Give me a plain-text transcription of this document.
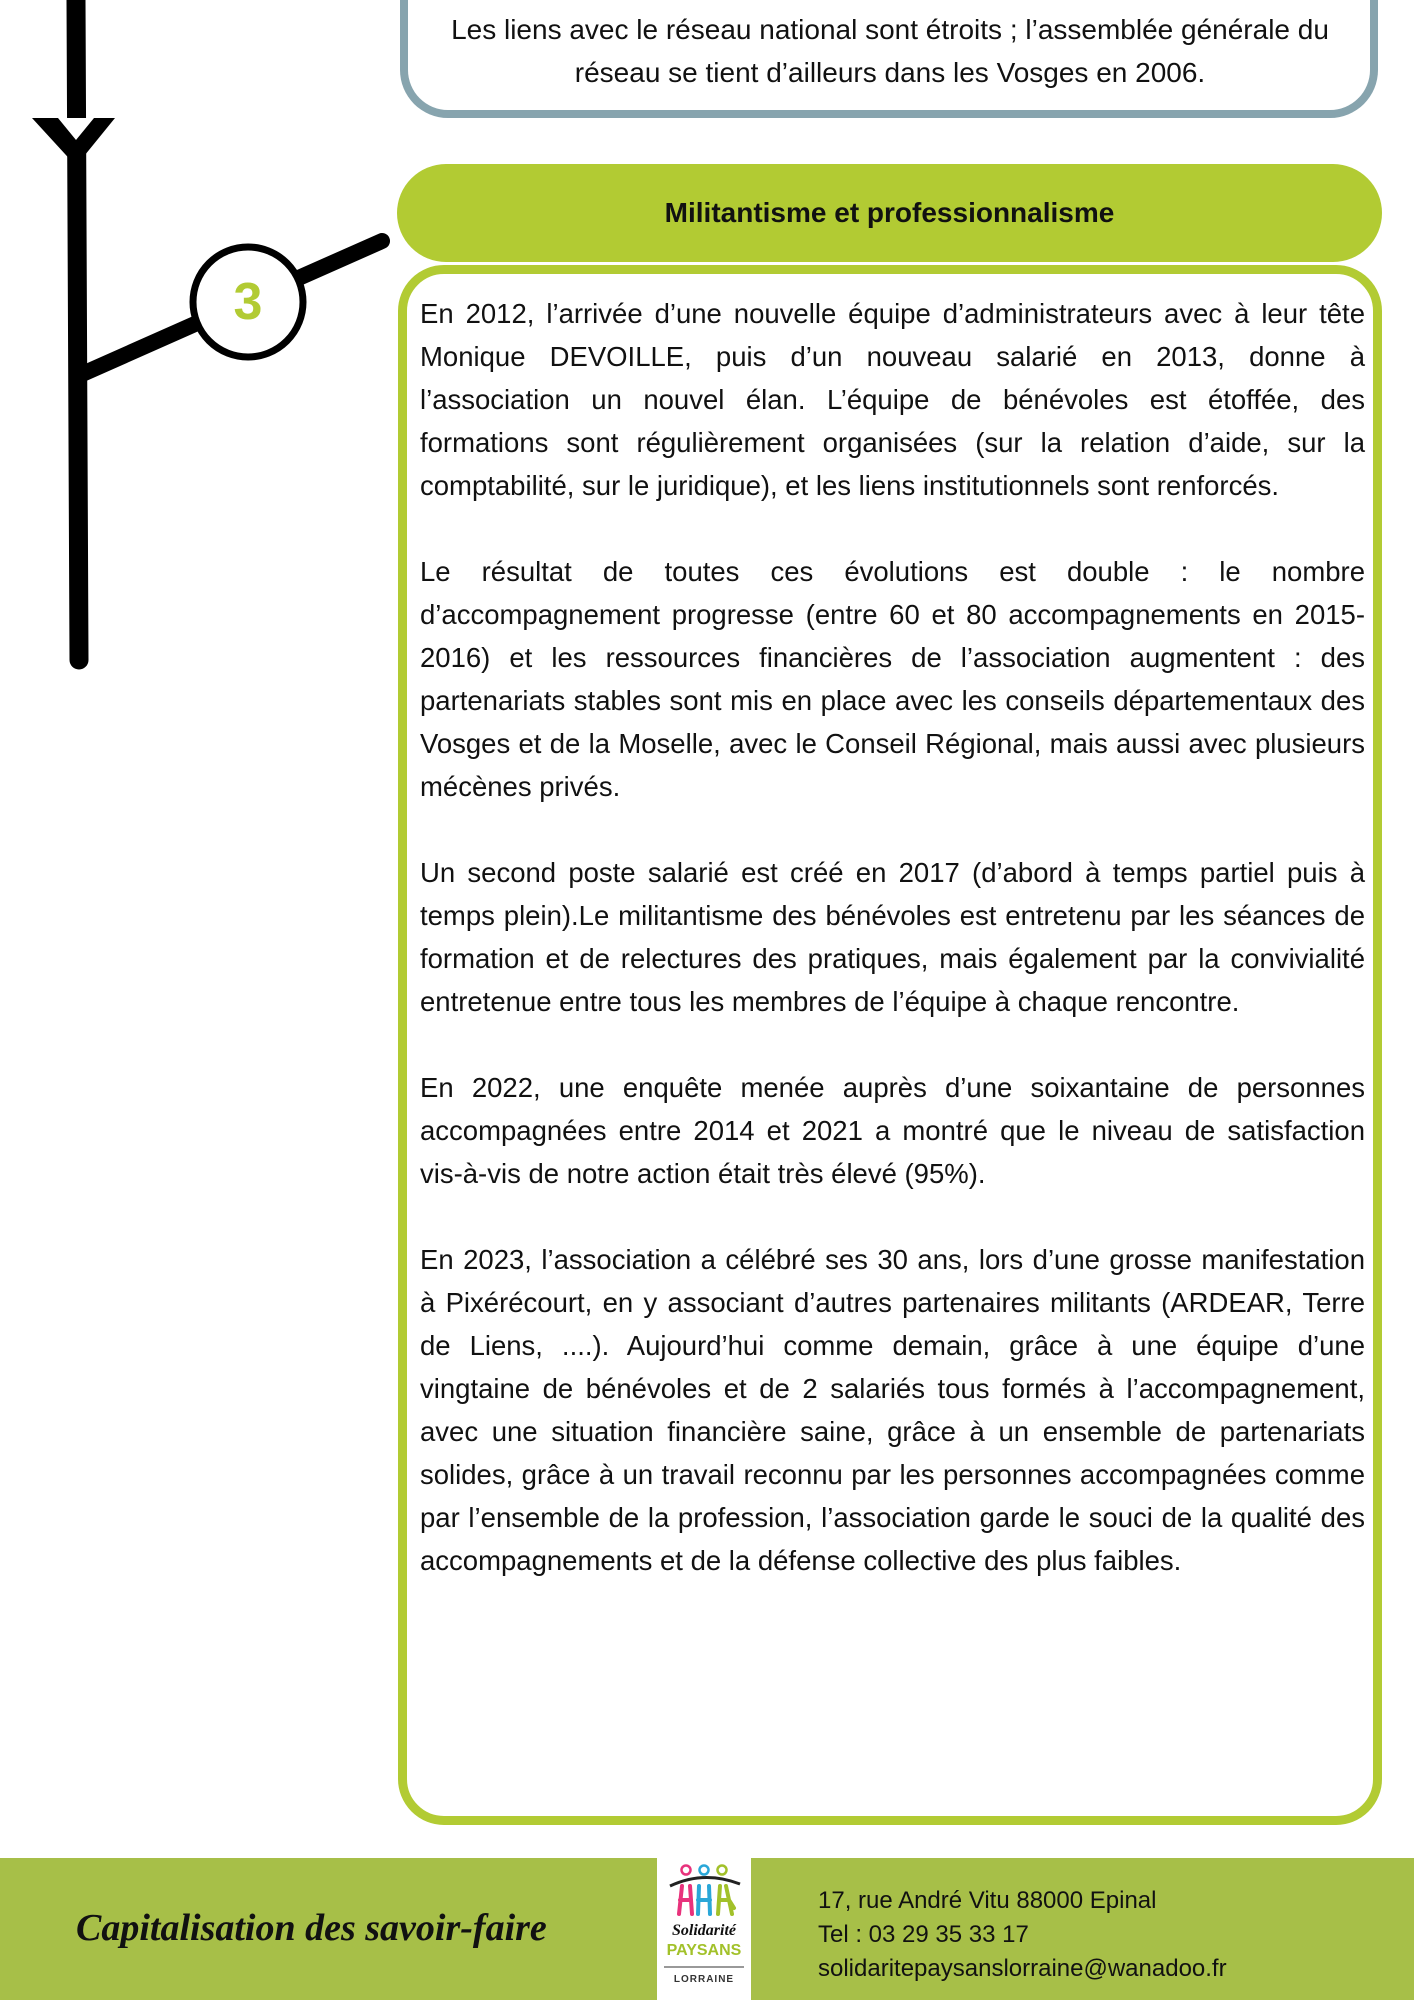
3
Les liens avec le réseau national sont étroits ; l’assemblée générale du réseau se tient d’ailleurs dans les Vosges en 2006.
Militantisme et professionnalisme

En 2012, l’arrivée d’une nouvelle équipe d’administrateurs avec à leur tête Monique DEVOILLE, puis d’un nouveau salarié en 2013, donne à l’association un nouvel élan. L’équipe de bénévoles est étoffée, des formations sont régulièrement organisées (sur la relation d’aide, sur la comptabilité, sur le juridique), et les liens institutionnels sont renforcés.

Le résultat de toutes ces évolutions est double : le nombre d’accompagnement progresse (entre 60 et 80 accompagnements en 2015-2016) et les ressources financières de l’association augmentent : des partenariats stables sont mis en place avec les conseils départementaux des Vosges et de la Moselle, avec le Conseil Régional, mais aussi avec plusieurs mécènes privés.

Un second poste salarié est créé en 2017 (d’abord à temps partiel puis à temps plein).Le militantisme des bénévoles est entretenu par les séances de formation et de relectures des pratiques, mais également par la convivialité entretenue entre tous les membres de l’équipe à chaque rencontre.

En 2022, une enquête menée auprès d’une soixantaine de personnes accompagnées entre 2014 et 2021 a montré que le niveau de satisfaction vis-à-vis de notre action était très élevé (95%).

En 2023, l’association a célébré ses 30 ans, lors d’une grosse manifestation à Pixérécourt, en y associant d’autres partenaires militants (ARDEAR, Terre de Liens, ....). Aujourd’hui comme demain, grâce à une équipe d’une vingtaine de bénévoles et de 2 salariés tous formés à l’accompagnement, avec une situation financière saine, grâce à un ensemble de partenariats solides, grâce à un travail reconnu par les personnes accompagnées comme par l’ensemble de la profession, l’association garde le souci de la qualité des accompagnements et de la défense collective des plus faibles.

Capitalisation des savoir-faire	Solidarité
PAYSANS
LORRAINE
17, rue André Vitu 88000 Epinal
Tel : 03 29 35 33 17
solidaritepaysanslorraine@wanadoo.fr
